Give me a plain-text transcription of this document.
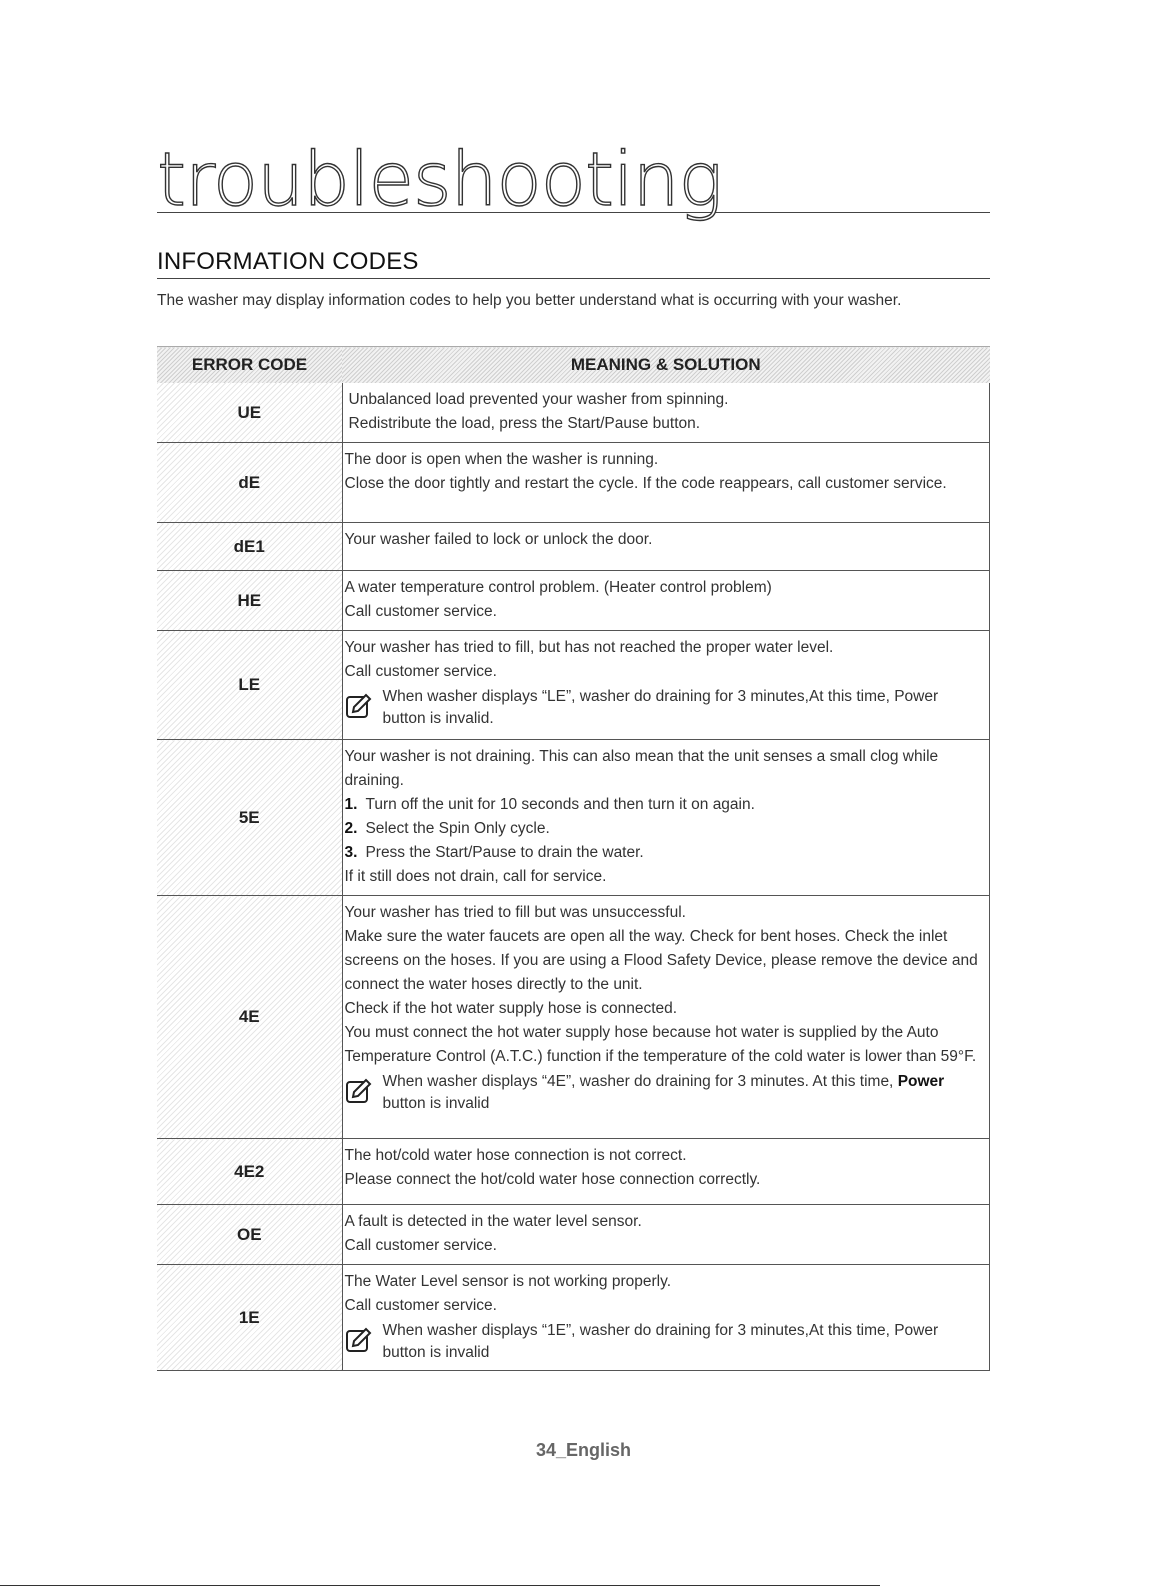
troubleshooting
INFORMATION CODES
The washer may display information codes to help you better understand what is occurring with your washer.
ERROR CODE	MEANING & SOLUTION
UE	Unbalanced load prevented your washer from spinning.
Redistribute the load, press the Start/Pause button.

dE	The door is open when the washer is running.
Close the door tightly and restart the cycle. If the code reappears, call customer service.

dE1	Your washer failed to lock or unlock the door.

HE	A water temperature control problem. (Heater control problem)
Call customer service.

LE	Your washer has tried to fill, but has not reached the proper water level.
Call customer service.
When washer displays “LE”, washer do draining for 3 minutes,At this time, Power button is invalid.

5E	Your washer is not draining. This can also mean that the unit senses a small clog while draining.
1. Turn off the unit for 10 seconds and then turn it on again.
2. Select the Spin Only cycle.
3. Press the Start/Pause to drain the water.
If it still does not drain, call for service.

4E	Your washer has tried to fill but was unsuccessful.
Make sure the water faucets are open all the way. Check for bent hoses. Check the inlet screens on the hoses. If you are using a Flood Safety Device, please remove the device and connect the water hoses directly to the unit.
Check if the hot water supply hose is connected.
You must connect the hot water supply hose because hot water is supplied by the Auto Temperature Control (A.T.C.) function if the temperature of the cold water is lower than 59°F.
When washer displays “4E”, washer do draining for 3 minutes. At this time, Power button is invalid

4E2	The hot/cold water hose connection is not correct.
Please connect the hot/cold water hose connection correctly.

OE	A fault is detected in the water level sensor.
Call customer service.

1E	The Water Level sensor is not working properly.
Call customer service.
When washer displays “1E”, washer do draining for 3 minutes,At this time, Power button is invalid
34_English
